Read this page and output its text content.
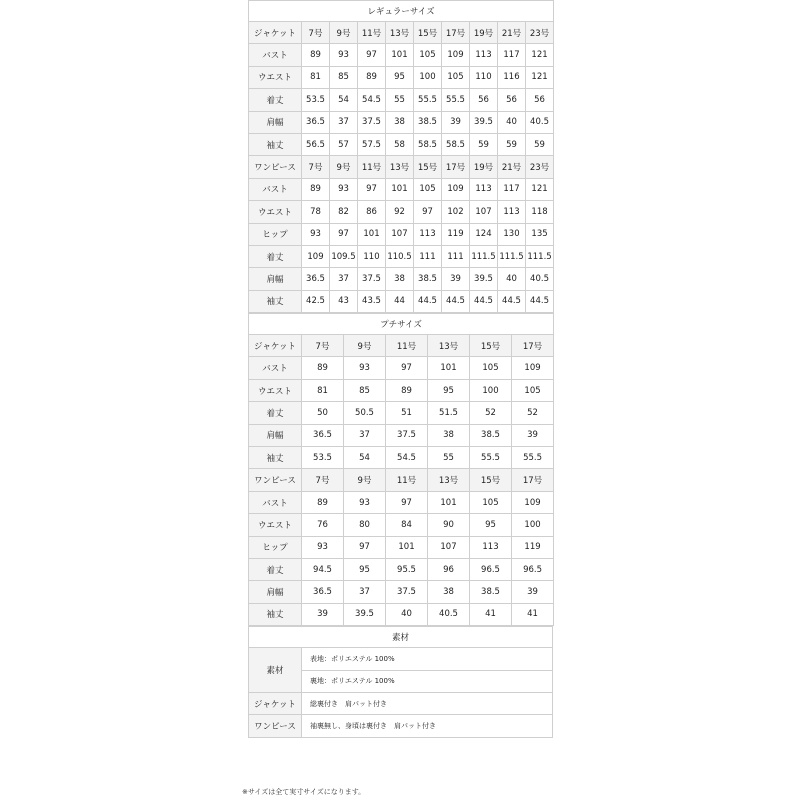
レギュラーサイズ									
ジャケット	7号	9号	11号	13号	15号	17号	19号	21号	23号
バスト	89	93	97	101	105	109	113	117	121
ウエスト	81	85	89	95	100	105	110	116	121
着丈	53.5	54	54.5	55	55.5	55.5	56	56	56
肩幅	36.5	37	37.5	38	38.5	39	39.5	40	40.5
袖丈	56.5	57	57.5	58	58.5	58.5	59	59	59
ワンピース	7号	9号	11号	13号	15号	17号	19号	21号	23号
バスト	89	93	97	101	105	109	113	117	121
ウエスト	78	82	86	92	97	102	107	113	118
ヒップ	93	97	101	107	113	119	124	130	135
着丈	109	109.5	110	110.5	111	111	111.5	111.5	111.5
肩幅	36.5	37	37.5	38	38.5	39	39.5	40	40.5
袖丈	42.5	43	43.5	44	44.5	44.5	44.5	44.5	44.5
プチサイズ						
ジャケット	7号	9号	11号	13号	15号	17号
バスト	89	93	97	101	105	109
ウエスト	81	85	89	95	100	105
着丈	50	50.5	51	51.5	52	52
肩幅	36.5	37	37.5	38	38.5	39
袖丈	53.5	54	54.5	55	55.5	55.5
ワンピース	7号	9号	11号	13号	15号	17号
バスト	89	93	97	101	105	109
ウエスト	76	80	84	90	95	100
ヒップ	93	97	101	107	113	119
着丈	94.5	95	95.5	96	96.5	96.5
肩幅	36.5	37	37.5	38	38.5	39
袖丈	39	39.5	40	40.5	41	41
素材	
素材	表地：ポリエステル 100%
	裏地：ポリエステル 100%
ジャケット	総裏付き　肩パット付き
ワンピース	袖裏無し、身頃は裏付き　肩パット付き
※サイズは全て実寸サイズになります。
